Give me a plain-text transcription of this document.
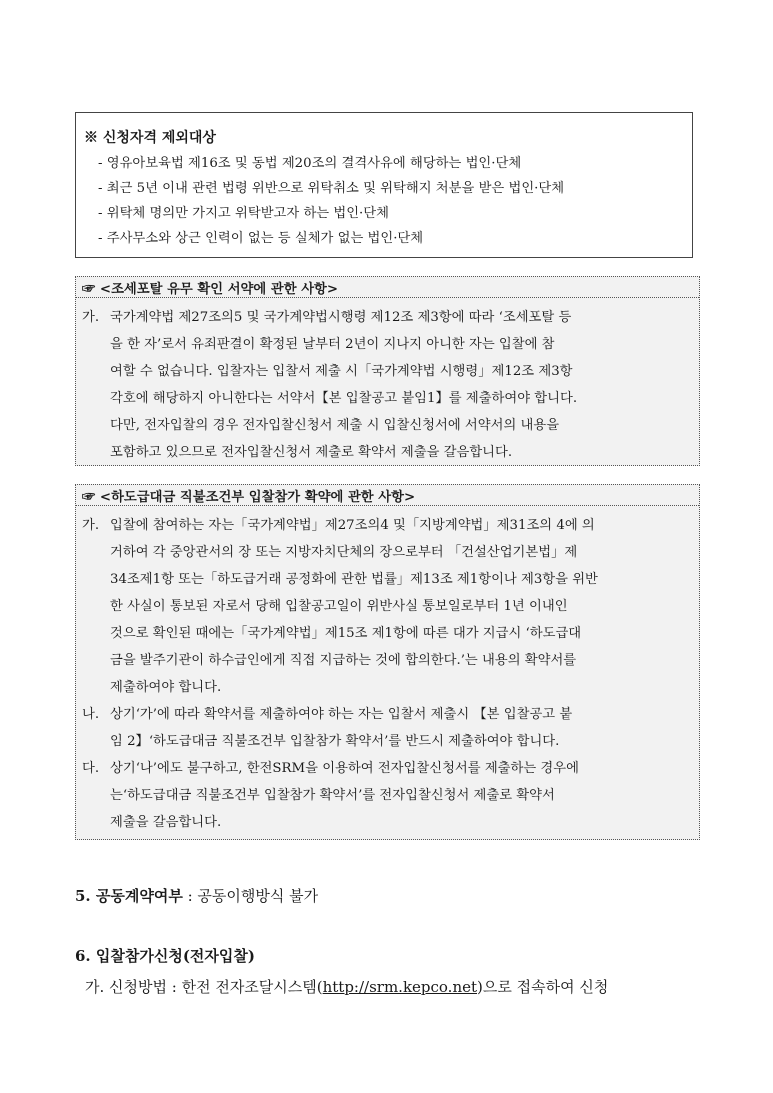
※ 신청자격 제외대상
- 영유아보육법 제16조 및 동법 제20조의 결격사유에 해당하는 법인·단체
- 최근 5년 이내 관련 법령 위반으로 위탁취소 및 위탁해지 처분을 받은 법인·단체
- 위탁체 명의만 가지고 위탁받고자 하는 법인·단체
- 주사무소와 상근 인력이 없는 등 실체가 없는 법인·단체
☞ <조세포탈 유무 확인 서약에 관한 사항>
가. 국가계약법 제27조의5 및 국가계약법시행령 제12조 제3항에 따라 ‘조세포탈 등
을 한 자’로서 유죄판결이 확정된 날부터 2년이 지나지 아니한 자는 입찰에 참
여할 수 없습니다. 입찰자는 입찰서 제출 시「국가계약법 시행령」제12조 제3항
각호에 해당하지 아니한다는 서약서【본 입찰공고 붙임1】를 제출하여야 합니다.
다만, 전자입찰의 경우 전자입찰신청서 제출 시 입찰신청서에 서약서의 내용을
포함하고 있으므로 전자입찰신청서 제출로 확약서 제출을 갈음합니다.
☞ <하도급대금 직불조건부 입찰참가 확약에 관한 사항>
가. 입찰에 참여하는 자는「국가계약법」제27조의4 및「지방계약법」제31조의 4에 의
거하여 각 중앙관서의 장 또는 지방자치단체의 장으로부터 「건설산업기본법」제
34조제1항 또는「하도급거래 공정화에 관한 법률」제13조 제1항이나 제3항을 위반
한 사실이 통보된 자로서 당해 입찰공고일이 위반사실 통보일로부터 1년 이내인
것으로 확인된 때에는「국가계약법」제15조 제1항에 따른 대가 지급시 ‘하도급대
금을 발주기관이 하수급인에게 직접 지급하는 것에 합의한다.’는 내용의 확약서를
제출하여야 합니다.
나. 상기‘가’에 따라 확약서를 제출하여야 하는 자는 입찰서 제출시 【본 입찰공고 붙
임 2】‘하도급대금 직불조건부 입찰참가 확약서’를 반드시 제출하여야 합니다.
다. 상기‘나’에도 불구하고, 한전SRM을 이용하여 전자입찰신청서를 제출하는 경우에
는‘하도급대금 직불조건부 입찰참가 확약서’를 전자입찰신청서 제출로 확약서
제출을 갈음합니다.
5. 공동계약여부 : 공동이행방식 불가
6. 입찰참가신청(전자입찰)
가. 신청방법 : 한전 전자조달시스템(http://srm.kepco.net)으로 접속하여 신청
